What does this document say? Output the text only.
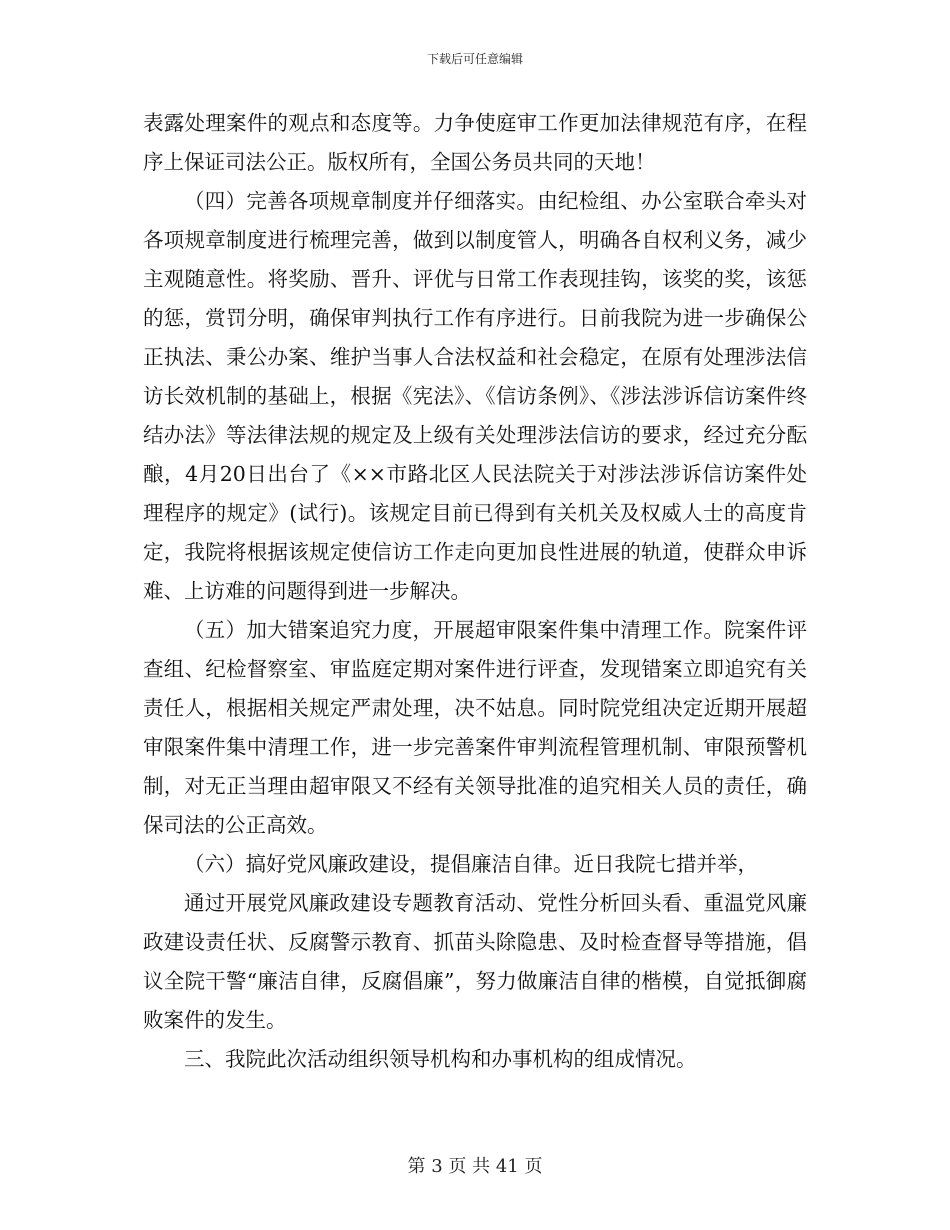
下载后可任意编辑

表露处理案件的观点和态度等。力争使庭审工作更加法律规范有序，在程序上保证司法公正。版权所有，全国公务员共同的天地！

（四）完善各项规章制度并仔细落实。由纪检组、办公室联合牵头对各项规章制度进行梳理完善，做到以制度管人，明确各自权利义务，减少主观随意性。将奖励、晋升、评优与日常工作表现挂钩，该奖的奖，该惩的惩，赏罚分明，确保审判执行工作有序进行。日前我院为进一步确保公正执法、秉公办案、维护当事人合法权益和社会稳定，在原有处理涉法信访长效机制的基础上，根据《宪法》、《信访条例》、《涉法涉诉信访案件终结办法》等法律法规的规定及上级有关处理涉法信访的要求，经过充分酝酿，4月20日出台了《××市路北区人民法院关于对涉法涉诉信访案件处理程序的规定》(试行)。该规定目前已得到有关机关及权威人士的高度肯定，我院将根据该规定使信访工作走向更加良性进展的轨道，使群众申诉难、上访难的问题得到进一步解决。

（五）加大错案追究力度，开展超审限案件集中清理工作。院案件评查组、纪检督察室、审监庭定期对案件进行评查，发现错案立即追究有关责任人，根据相关规定严肃处理，决不姑息。同时院党组决定近期开展超审限案件集中清理工作，进一步完善案件审判流程管理机制、审限预警机制，对无正当理由超审限又不经有关领导批准的追究相关人员的责任，确保司法的公正高效。

（六）搞好党风廉政建设，提倡廉洁自律。近日我院七措并举，

通过开展党风廉政建设专题教育活动、党性分析回头看、重温党风廉政建设责任状、反腐警示教育、抓苗头除隐患、及时检查督导等措施，倡议全院干警“廉洁自律，反腐倡廉”，努力做廉洁自律的楷模，自觉抵御腐败案件的发生。

三、我院此次活动组织领导机构和办事机构的组成情况。

第 3 页 共 41 页
